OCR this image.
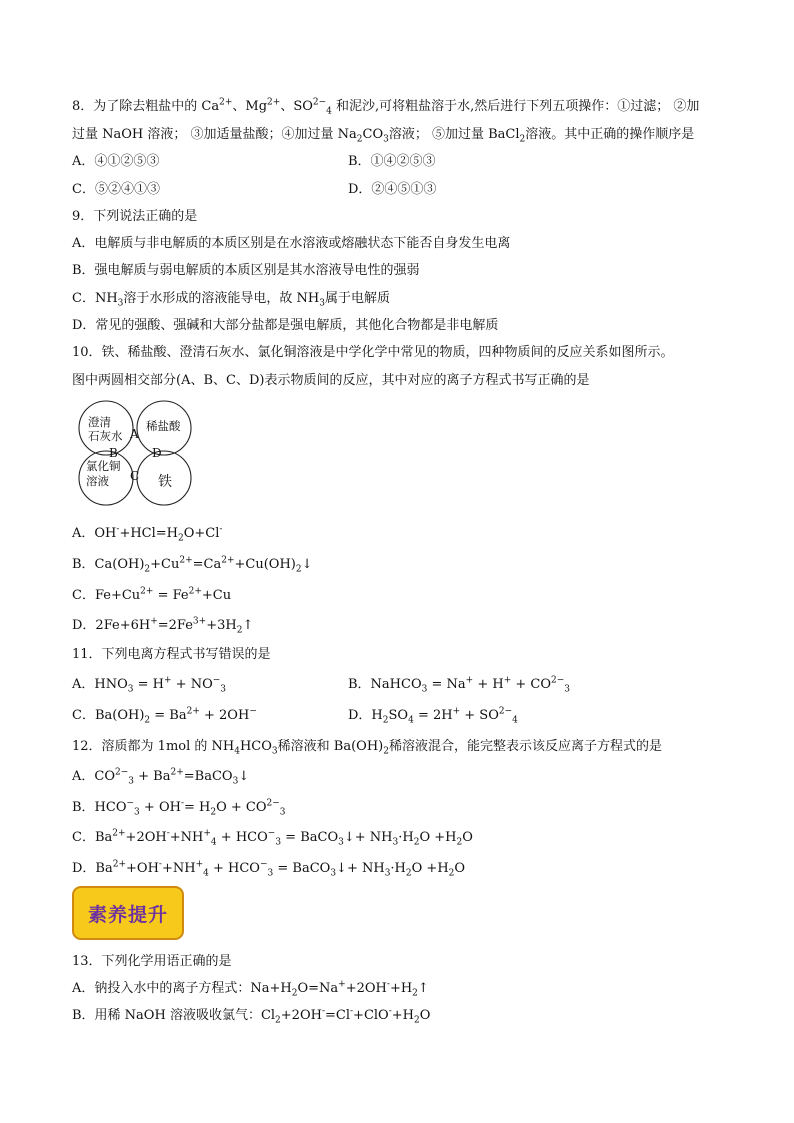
8．为了除去粗盐中的 $Ca^{2+}$、$Mg^{2+}$、$SO^{2-}_4$ 和泥沙,可将粗盐溶于水,然后进行下列五项操作：①过滤； ②加
过量 NaOH 溶液； ③加适量盐酸；④加过量 $Na_2CO_3$溶液； ⑤加过量 BaCl$_2$溶液。其中正确的操作顺序是
A．④①②⑤③	B．①④②⑤③
C．⑤②④①③	D．②④⑤①③
9．下列说法正确的是
A．电解质与非电解质的本质区别是在水溶液或熔融状态下能否自身发生电离
B．强电解质与弱电解质的本质区别是其水溶液导电性的强弱
C．$NH_3$溶于水形成的溶液能导电，故 $NH_3$属于电解质
D．常见的强酸、强碱和大部分盐都是强电解质，其他化合物都是非电解质
10．铁、稀盐酸、澄清石灰水、氯化铜溶液是中学化学中常见的物质，四种物质间的反应关系如图所示。
图中两圆相交部分(A、B、C、D)表示物质间的反应，其中对应的离子方程式书写正确的是
澄清
石灰水
稀盐酸
氯化铜
溶液	铁
A
B
C
D
A．$OH^-+HCl=H_2O+Cl^-$
B．$Ca(OH)_2+Cu^{2+}=Ca^{2+}+Cu(OH)_2↓$
C．$Fe+Cu^{2+} = Fe^{2+}+Cu$
D．$2Fe+6H^+=2Fe^{3+}+3H_2↑$
11．下列电离方程式书写错误的是
A．$HNO_3 = H^+ + NO^-_3$	B．NaHCO$_3$ = $Na^+ + H^+ + CO^{2-}_3$
C．$Ba(OH)_2 = Ba^{2+} + 2OH^-$	D．$H_2SO_4 = 2H^+ + SO^{2-}_4$
12．溶质都为 1mol 的 $NH_4HCO_3$稀溶液和 $Ba(OH)_2$稀溶液混合，能完整表示该反应离子方程式的是
A．$CO^{2-}_3$ + $Ba^{2+}=BaCO_3↓$
B．$HCO^-_3 + OH^-= H_2O + CO^{2-}_3$
C．$Ba^{2+}+2OH^-+NH^+_4 + HCO^-_3$ = BaCO$_3$↓+ $NH_3\cdot H_2O +H_2O$
D．$Ba^{2+}+OH^-+NH^+_4 + HCO^-_3$ = BaCO$_3$↓+ $NH_3\cdot H_2O +H_2O$
素养提升
13．下列化学用语正确的是
A．钠投入水中的离子方程式：$Na+H_2O=Na^++2OH^-+H_2↑$
B．用稀 NaOH 溶液吸收氯气：$Cl_2+2OH^-=Cl^-+ClO^-+H_2O$
